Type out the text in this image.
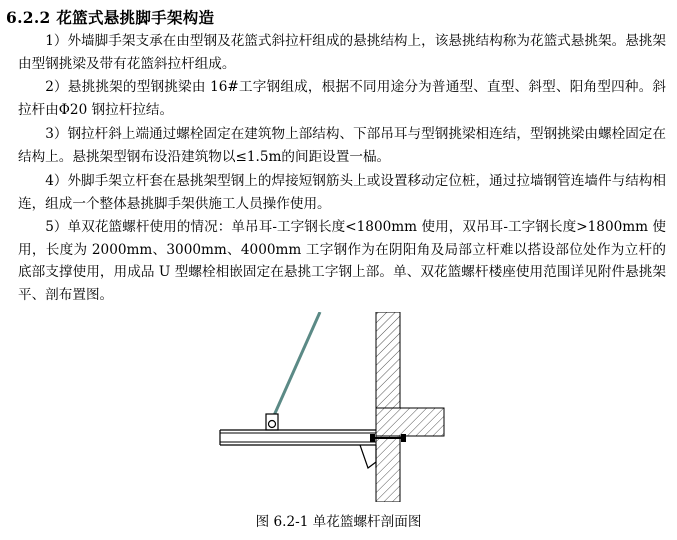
6.2.2 花篮式悬挑脚手架构造

1）外墙脚手架支承在由型钢及花篮式斜拉杆组成的悬挑结构上，该悬挑结构称为花篮式悬挑架。悬挑架由型钢挑梁及带有花篮斜拉杆组成。

2）悬挑挑架的型钢挑梁由 16#工字钢组成，根据不同用途分为普通型、直型、斜型、阳角型四种。斜拉杆由Φ20 钢拉杆拉结。

3）钢拉杆斜上端通过螺栓固定在建筑物上部结构、下部吊耳与型钢挑梁相连结，型钢挑梁由螺栓固定在结构上。悬挑架型钢布设沿建筑物以≤1.5m的间距设置一榀。

4）外脚手架立杆套在悬挑架型钢上的焊接短钢筋头上或设置移动定位桩，通过拉墙钢管连墙件与结构相连，组成一个整体悬挑脚手架供施工人员操作使用。

5）单双花篮螺杆使用的情况：单吊耳-工字钢长度<1800mm 使用，双吊耳-工字钢长度>1800mm 使用，长度为 2000mm、3000mm、4000mm 工字钢作为在阴阳角及局部立杆难以搭设部位处作为立杆的底部支撑使用，用成品 U 型螺栓相嵌固定在悬挑工字钢上部。单、双花篮螺杆楼座使用范围详见附件悬挑架平、剖布置图。

图 6.2-1 单花篮螺杆剖面图
